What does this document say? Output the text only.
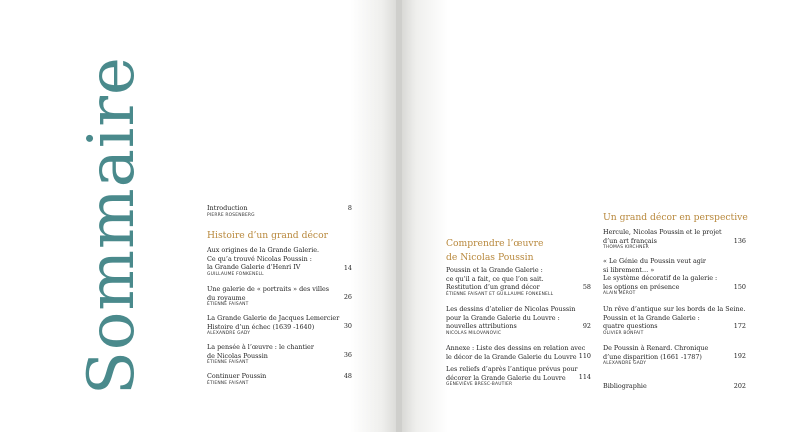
Sommaire	Introduction
PIERRE ROSENBERG
8
Histoire d’un grand décor
Aux origines de la Grande Galerie.
Ce qu’a trouvé Nicolas Poussin :
la Grande Galerie d’Henri IV
GUILLAUME FONKENELL
14
Une galerie de « portraits » des villes
du royaume
ÉTIENNE FAISANT
26
La Grande Galerie de Jacques Lemercier
Histoire d’un échec (1639 -1640)
ALEXANDRE GADY
30
La pensée à l’œuvre : le chantier
de Nicolas Poussin
ÉTIENNE FAISANT
36
Continuer Poussin
ÉTIENNE FAISANT
48
Comprendre l’œuvre
de Nicolas Poussin
Poussin et la Grande Galerie :
ce qu’il a fait, ce que l’on sait.
Restitution d’un grand décor
ÉTIENNE FAISANT ET GUILLAUME FONKENELL
58
Les dessins d’atelier de Nicolas Poussin
pour la Grande Galerie du Louvre :
nouvelles attributions
NICOLAS MILOVANOVIC
92
Annexe : Liste des dessins en relation avec
le décor de la Grande Galerie du Louvre 110
Les reliefs d’après l’antique prévus pour
décorer la Grande Galerie du Louvre
GENEVIÈVE BRESC-BAUTIER
114
Un grand décor en perspective
Hercule, Nicolas Poussin et le projet
d’un art français
THOMAS KIRCHNER
136
« Le Génie du Poussin veut agir
si librement… »
Le système décoratif de la galerie :
les options en présence
ALAIN MÉROT
150
Un rêve d’antique sur les bords de la Seine.
Poussin et la Grande Galerie :
quatre questions
OLIVIER BONFAIT
172
De Poussin à Renard. Chronique
d’une disparition (1661 -1787)
ALEXANDRE GADY
192
Bibliographie	202
